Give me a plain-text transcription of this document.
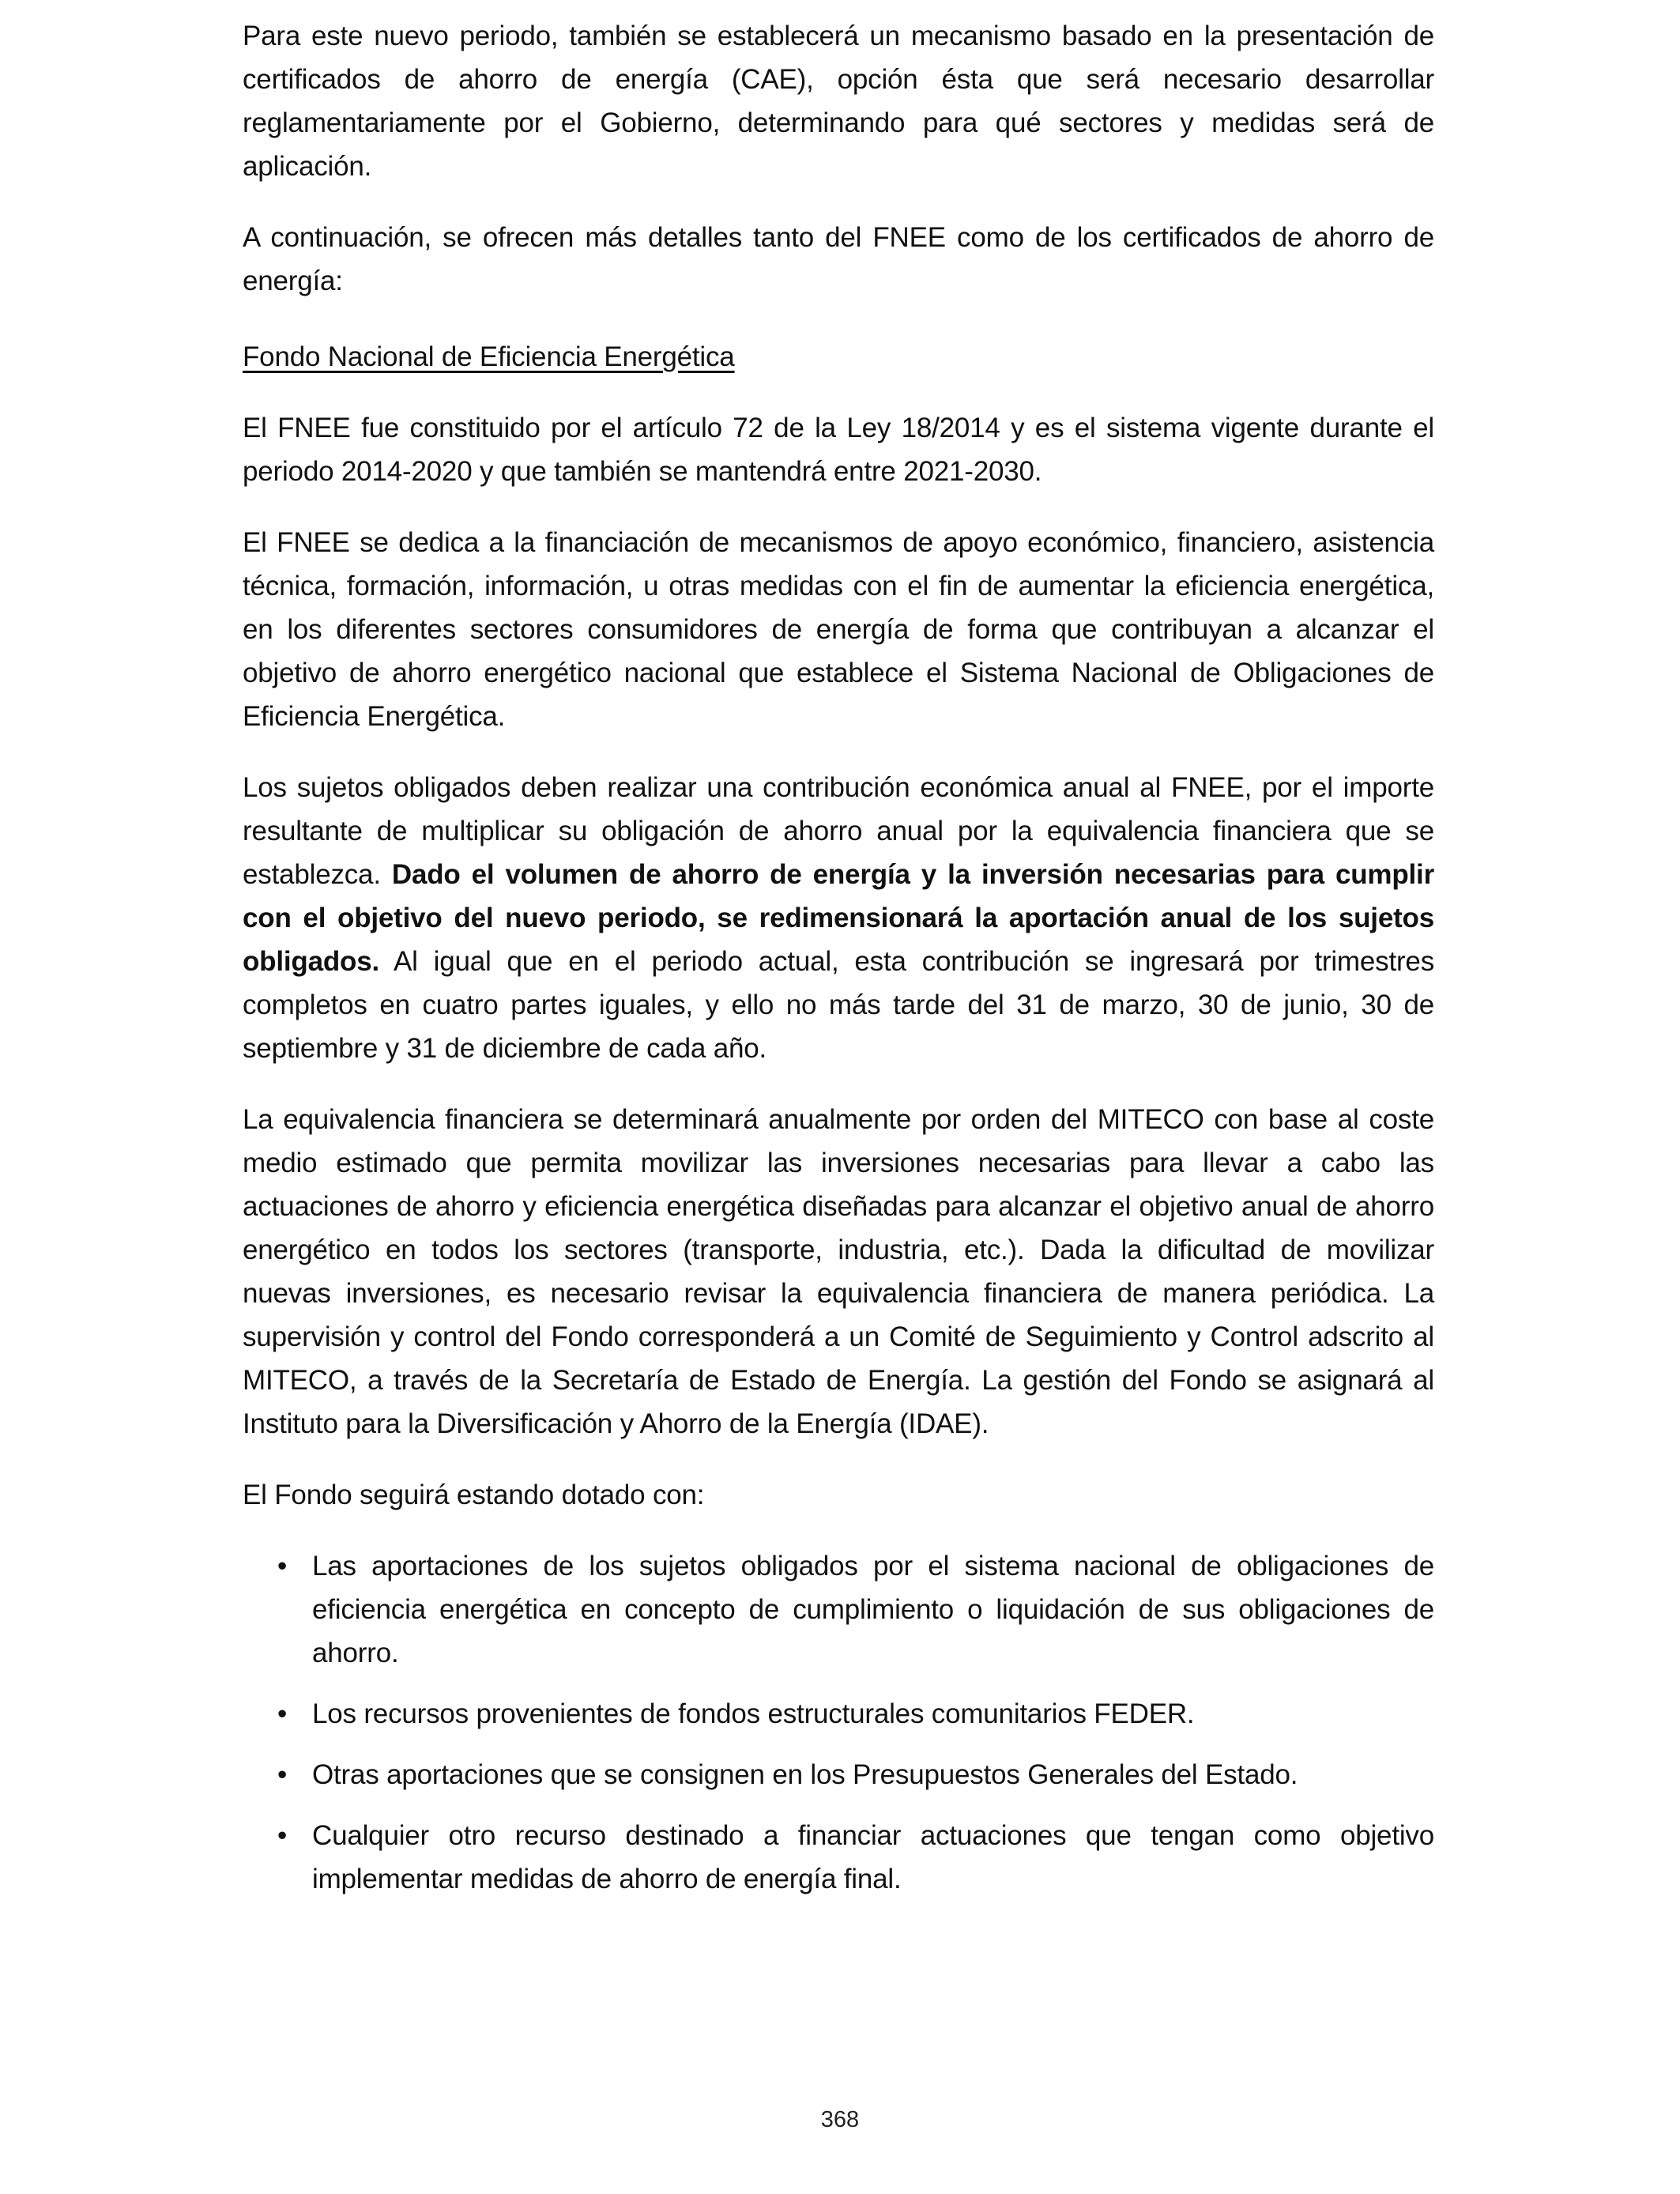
Para este nuevo periodo, también se establecerá un mecanismo basado en la presentación de certificados de ahorro de energía (CAE), opción ésta que será necesario desarrollar reglamentariamente por el Gobierno, determinando para qué sectores y medidas será de aplicación.

A continuación, se ofrecen más detalles tanto del FNEE como de los certificados de ahorro de energía:

Fondo Nacional de Eficiencia Energética

El FNEE fue constituido por el artículo 72 de la Ley 18/2014 y es el sistema vigente durante el periodo 2014-2020 y que también se mantendrá entre 2021-2030.

El FNEE se dedica a la financiación de mecanismos de apoyo económico, financiero, asistencia técnica, formación, información, u otras medidas con el fin de aumentar la eficiencia energética, en los diferentes sectores consumidores de energía de forma que contribuyan a alcanzar el objetivo de ahorro energético nacional que establece el Sistema Nacional de Obligaciones de Eficiencia Energética.

Los sujetos obligados deben realizar una contribución económica anual al FNEE, por el importe resultante de multiplicar su obligación de ahorro anual por la equivalencia financiera que se establezca. Dado el volumen de ahorro de energía y la inversión necesarias para cumplir con el objetivo del nuevo periodo, se redimensionará la aportación anual de los sujetos obligados. Al igual que en el periodo actual, esta contribución se ingresará por trimestres completos en cuatro partes iguales, y ello no más tarde del 31 de marzo, 30 de junio, 30 de septiembre y 31 de diciembre de cada año.

La equivalencia financiera se determinará anualmente por orden del MITECO con base al coste medio estimado que permita movilizar las inversiones necesarias para llevar a cabo las actuaciones de ahorro y eficiencia energética diseñadas para alcanzar el objetivo anual de ahorro energético en todos los sectores (transporte, industria, etc.). Dada la dificultad de movilizar nuevas inversiones, es necesario revisar la equivalencia financiera de manera periódica. La supervisión y control del Fondo corresponderá a un Comité de Seguimiento y Control adscrito al MITECO, a través de la Secretaría de Estado de Energía. La gestión del Fondo se asignará al Instituto para la Diversificación y Ahorro de la Energía (IDAE).

El Fondo seguirá estando dotado con:

• Las aportaciones de los sujetos obligados por el sistema nacional de obligaciones de eficiencia energética en concepto de cumplimiento o liquidación de sus obligaciones de ahorro.
• Los recursos provenientes de fondos estructurales comunitarios FEDER.
• Otras aportaciones que se consignen en los Presupuestos Generales del Estado.
• Cualquier otro recurso destinado a financiar actuaciones que tengan como objetivo implementar medidas de ahorro de energía final.
368
